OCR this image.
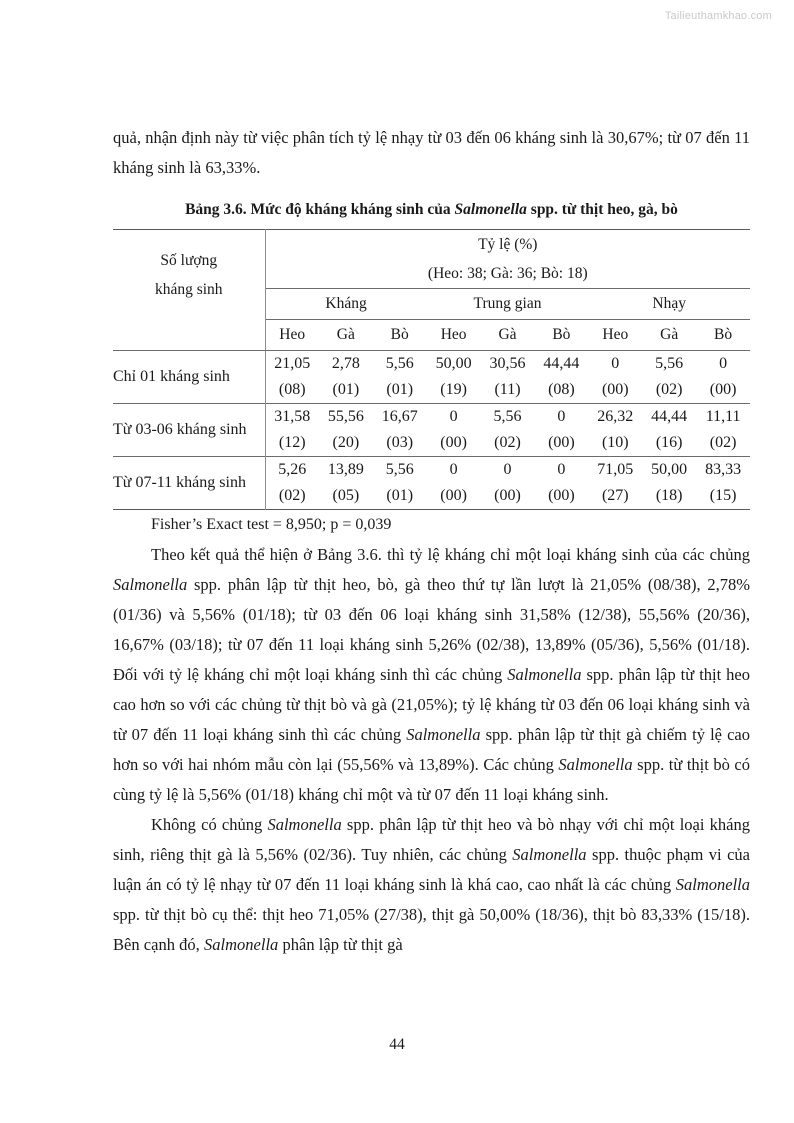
Tailieuthamkhao.com

quả, nhận định này từ việc phân tích tỷ lệ nhạy từ 03 đến 06 kháng sinh là 30,67%; từ 07 đến 11 kháng sinh là 63,33%.

Bảng 3.6. Mức độ kháng kháng sinh của Salmonella spp. từ thịt heo, gà, bò
Số lượng
kháng sinh

Tỷ lệ (%)
(Heo: 38; Gà: 36; Bò: 18)

	Kháng			Trung gian			Nhạy		
	Heo	Gà	Bò	Heo	Gà	Bò	Heo	Gà	Bò
Chỉ 01 kháng sinh	21,05	2,78	5,56	50,00	30,56	44,44	0	5,56	0
	(08)	(01)	(01)	(19)	(11)	(08)	(00)	(02)	(00)
Từ 03-06 kháng sinh	31,58	55,56	16,67	0	5,56	0	26,32	44,44	11,11
	(12)	(20)	(03)	(00)	(02)	(00)	(10)	(16)	(02)
Từ 07-11 kháng sinh	5,26	13,89	5,56	0	0	0	71,05	50,00	83,33
	(02)	(05)	(01)	(00)	(00)	(00)	(27)	(18)	(15)

Fisher’s Exact test = 8,950; p = 0,039

Theo kết quả thể hiện ở Bảng 3.6. thì tỷ lệ kháng chỉ một loại kháng sinh của các chủng Salmonella spp. phân lập từ thịt heo, bò, gà theo thứ tự lần lượt là 21,05% (08/38), 2,78% (01/36) và 5,56% (01/18); từ 03 đến 06 loại kháng sinh 31,58% (12/38), 55,56% (20/36), 16,67% (03/18); từ 07 đến 11 loại kháng sinh 5,26% (02/38), 13,89% (05/36), 5,56% (01/18). Đối với tỷ lệ kháng chỉ một loại kháng sinh thì các chủng Salmonella spp. phân lập từ thịt heo cao hơn so với các chủng từ thịt bò và gà (21,05%); tỷ lệ kháng từ 03 đến 06 loại kháng sinh và từ 07 đến 11 loại kháng sinh thì các chủng Salmonella spp. phân lập từ thịt gà chiếm tỷ lệ cao hơn so với hai nhóm mẫu còn lại (55,56% và 13,89%). Các chủng Salmonella spp. từ thịt bò có cùng tỷ lệ là 5,56% (01/18) kháng chỉ một và từ 07 đến 11 loại kháng sinh.

Không có chủng Salmonella spp. phân lập từ thịt heo và bò nhạy với chỉ một loại kháng sinh, riêng thịt gà là 5,56% (02/36). Tuy nhiên, các chủng Salmonella spp. thuộc phạm vi của luận án có tỷ lệ nhạy từ 07 đến 11 loại kháng sinh là khá cao, cao nhất là các chủng Salmonella spp. từ thịt bò cụ thể: thịt heo 71,05% (27/38), thịt gà 50,00% (18/36), thịt bò 83,33% (15/18). Bên cạnh đó, Salmonella phân lập từ thịt gà

44
